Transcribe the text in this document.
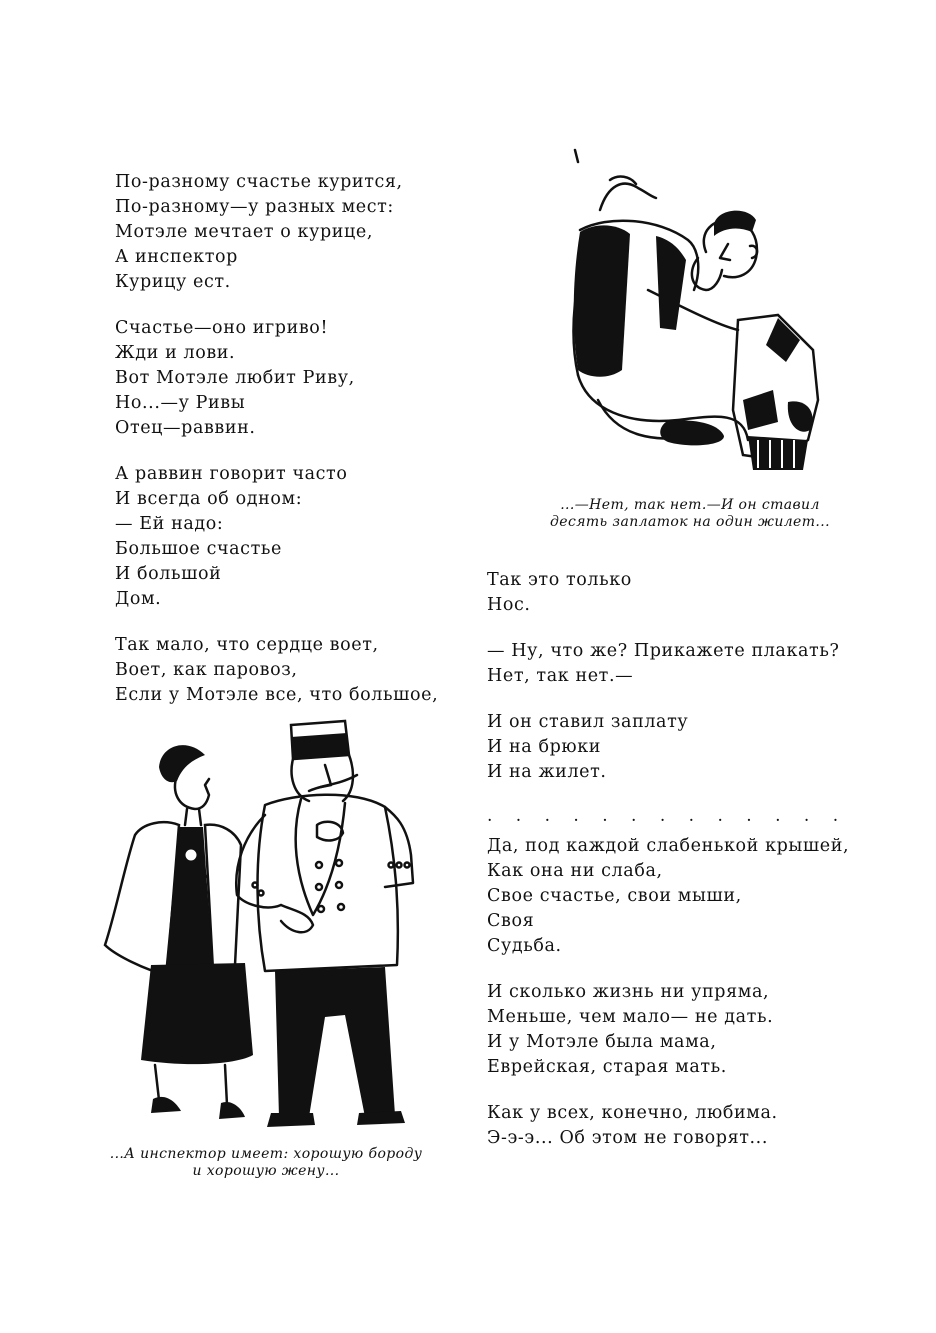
По-разному счастье курится,
По-разному—у разных мест:
Мотэле мечтает о курице,
А инспектор
Курицу ест.
Счастье—оно игриво!
Жди и лови.
Вот Мотэле любит Риву,
Но...—у Ривы
Отец—раввин.
А раввин говорит часто
И всегда об одном:
— Ей надо:
Большое счастье
И большой
Дом.
Так мало, что сердце воет,
Воет, как паровоз,
Если у Мотэле все, что большое,
Так это только
Нос.
— Ну, что же? Прикажете плакать?
Нет, так нет.—
И он ставил заплату
И на брюки
И на жилет.
. . . . . . . . . . . . .
Да, под каждой слабенькой крышей,
Как она ни слаба,
Свое счастье, свои мыши,
Своя
Судьба.
И сколько жизнь ни упряма,
Меньше, чем мало— не дать.
И у Мотэле была мама,
Еврейская, старая мать.
Как у всех, конечно, любима.
Э-э-э... Об этом не говорят...
...—Нет, так нет.—И он ставил
десять заплаток на один жилет...
...А инспектор имеет: хорошую бороду
и хорошую жену...
